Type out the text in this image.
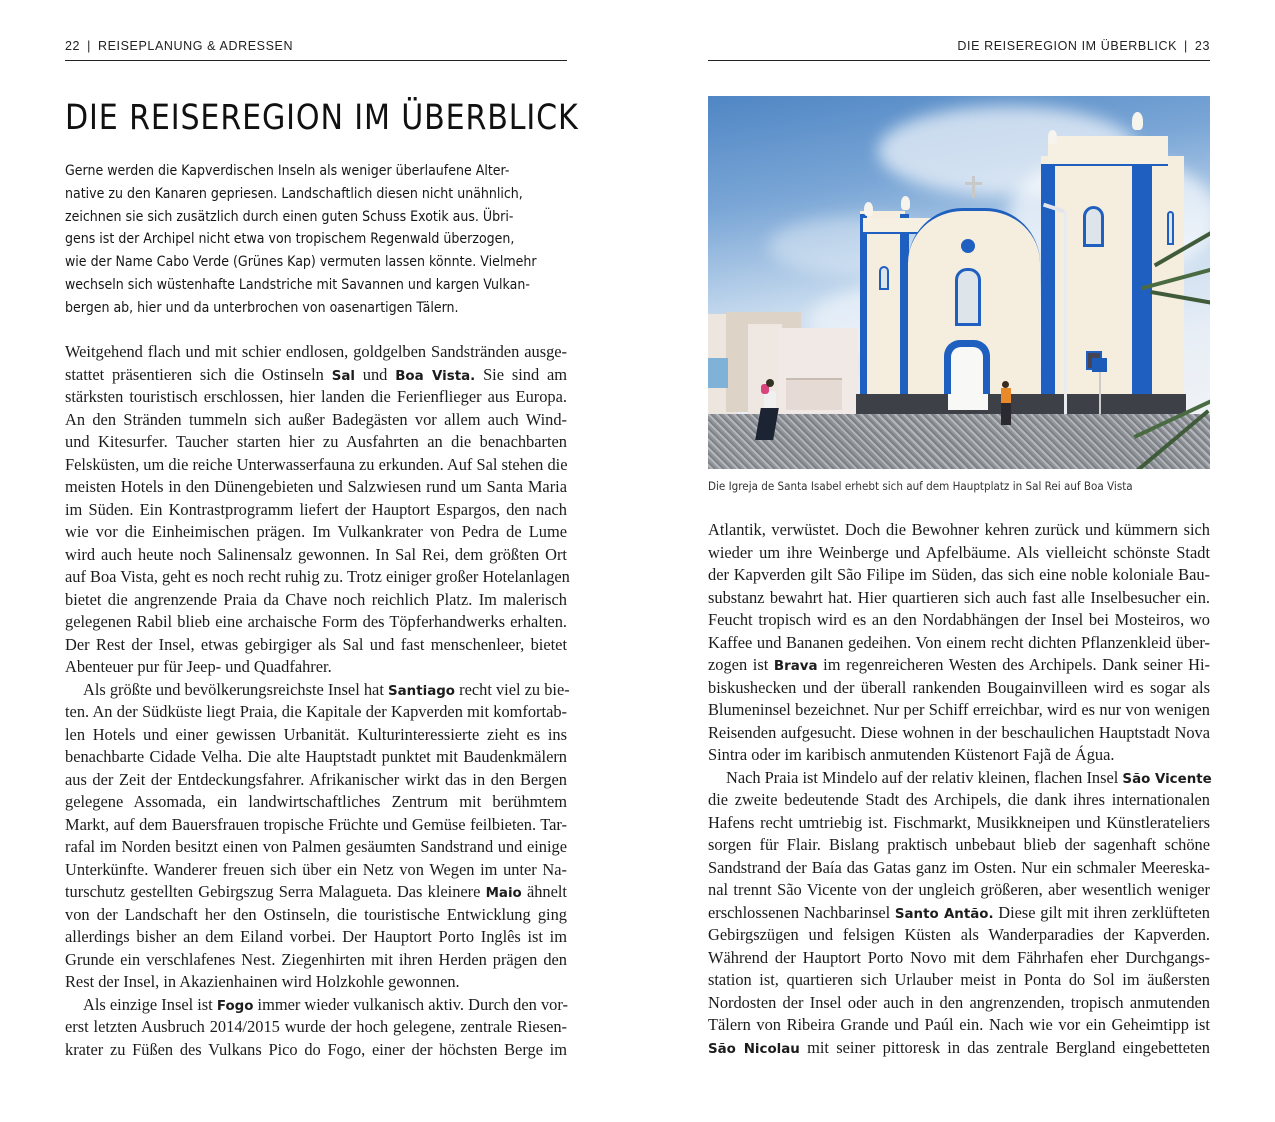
22 | REISEPLANUNG & ADRESSEN
DIE REISEREGION IM ÜBERBLICK
Gerne werden die Kapverdischen Inseln als weniger überlaufene Alter-
native zu den Kanaren gepriesen. Landschaftlich diesen nicht unähnlich,
zeichnen sie sich zusätzlich durch einen guten Schuss Exotik aus. Übri-
gens ist der Archipel nicht etwa von tropischem Regenwald überzogen,
wie der Name Cabo Verde (Grünes Kap) vermuten lassen könnte. Vielmehr
wechseln sich wüstenhafte Landstriche mit Savannen und kargen Vulkan-
bergen ab, hier und da unterbrochen von oasenartigen Tälern.
Weitgehend flach und mit schier endlosen, goldgelben Sandstränden ausge-
stattet präsentieren sich die Ostinseln Sal und Boa Vista. Sie sind am
stärksten touristisch erschlossen, hier landen die Ferienflieger aus Europa.
An den Stränden tummeln sich außer Badegästen vor allem auch Wind-
und Kitesurfer. Taucher starten hier zu Ausfahrten an die benachbarten
Felsküsten, um die reiche Unterwasserfauna zu erkunden. Auf Sal stehen die
meisten Hotels in den Dünengebieten und Salzwiesen rund um Santa Maria
im Süden. Ein Kontrastprogramm liefert der Hauptort Espargos, den nach
wie vor die Einheimischen prägen. Im Vulkankrater von Pedra de Lume
wird auch heute noch Salinensalz gewonnen. In Sal Rei, dem größten Ort
auf Boa Vista, geht es noch recht ruhig zu. Trotz einiger großer Hotelanlagen
bietet die angrenzende Praia da Chave noch reichlich Platz. Im malerisch
gelegenen Rabil blieb eine archaische Form des Töpferhandwerks erhalten.
Der Rest der Insel, etwas gebirgiger als Sal und fast menschenleer, bietet
Abenteuer pur für Jeep- und Quadfahrer.
Als größte und bevölkerungsreichste Insel hat Santiago recht viel zu bie-
ten. An der Südküste liegt Praia, die Kapitale der Kapverden mit komfortab-
len Hotels und einer gewissen Urbanität. Kulturinteressierte zieht es ins
benachbarte Cidade Velha. Die alte Hauptstadt punktet mit Baudenkmälern
aus der Zeit der Entdeckungsfahrer. Afrikanischer wirkt das in den Bergen
gelegene Assomada, ein landwirtschaftliches Zentrum mit berühmtem
Markt, auf dem Bauersfrauen tropische Früchte und Gemüse feilbieten. Tar-
rafal im Norden besitzt einen von Palmen gesäumten Sandstrand und einige
Unterkünfte. Wanderer freuen sich über ein Netz von Wegen im unter Na-
turschutz gestellten Gebirgszug Serra Malagueta. Das kleinere Maio ähnelt
von der Landschaft her den Ostinseln, die touristische Entwicklung ging
allerdings bisher an dem Eiland vorbei. Der Hauptort Porto Inglês ist im
Grunde ein verschlafenes Nest. Ziegenhirten mit ihren Herden prägen den
Rest der Insel, in Akazienhainen wird Holzkohle gewonnen.
Als einzige Insel ist Fogo immer wieder vulkanisch aktiv. Durch den vor-
erst letzten Ausbruch 2014/2015 wurde der hoch gelegene, zentrale Riesen-
krater zu Füßen des Vulkans Pico do Fogo, einer der höchsten Berge im
DIE REISEREGION IM ÜBERBLICK | 23
Die Igreja de Santa Isabel erhebt sich auf dem Hauptplatz in Sal Rei auf Boa Vista
Atlantik, verwüstet. Doch die Bewohner kehren zurück und kümmern sich
wieder um ihre Weinberge und Apfelbäume. Als vielleicht schönste Stadt
der Kapverden gilt São Filipe im Süden, das sich eine noble koloniale Bau-
substanz bewahrt hat. Hier quartieren sich auch fast alle Inselbesucher ein.
Feucht tropisch wird es an den Nordabhängen der Insel bei Mosteiros, wo
Kaffee und Bananen gedeihen. Von einem recht dichten Pflanzenkleid über-
zogen ist Brava im regenreicheren Westen des Archipels. Dank seiner Hi-
biskushecken und der überall rankenden Bougainvilleen wird es sogar als
Blumeninsel bezeichnet. Nur per Schiff erreichbar, wird es nur von wenigen
Reisenden aufgesucht. Diese wohnen in der beschaulichen Hauptstadt Nova
Sintra oder im karibisch anmutenden Küstenort Fajã de Água.
Nach Praia ist Mindelo auf der relativ kleinen, flachen Insel São Vicente
die zweite bedeutende Stadt des Archipels, die dank ihres internationalen
Hafens recht umtriebig ist. Fischmarkt, Musikkneipen und Künstlerateliers
sorgen für Flair. Bislang praktisch unbebaut blieb der sagenhaft schöne
Sandstrand der Baía das Gatas ganz im Osten. Nur ein schmaler Meereska-
nal trennt São Vicente von der ungleich größeren, aber wesentlich weniger
erschlossenen Nachbarinsel Santo Antão. Diese gilt mit ihren zerklüfteten
Gebirgszügen und felsigen Küsten als Wanderparadies der Kapverden.
Während der Hauptort Porto Novo mit dem Fährhafen eher Durchgangs-
station ist, quartieren sich Urlauber meist in Ponta do Sol im äußersten
Nordosten der Insel oder auch in den angrenzenden, tropisch anmutenden
Tälern von Ribeira Grande und Paúl ein. Nach wie vor ein Geheimtipp ist
São Nicolau mit seiner pittoresk in das zentrale Bergland eingebetteten
